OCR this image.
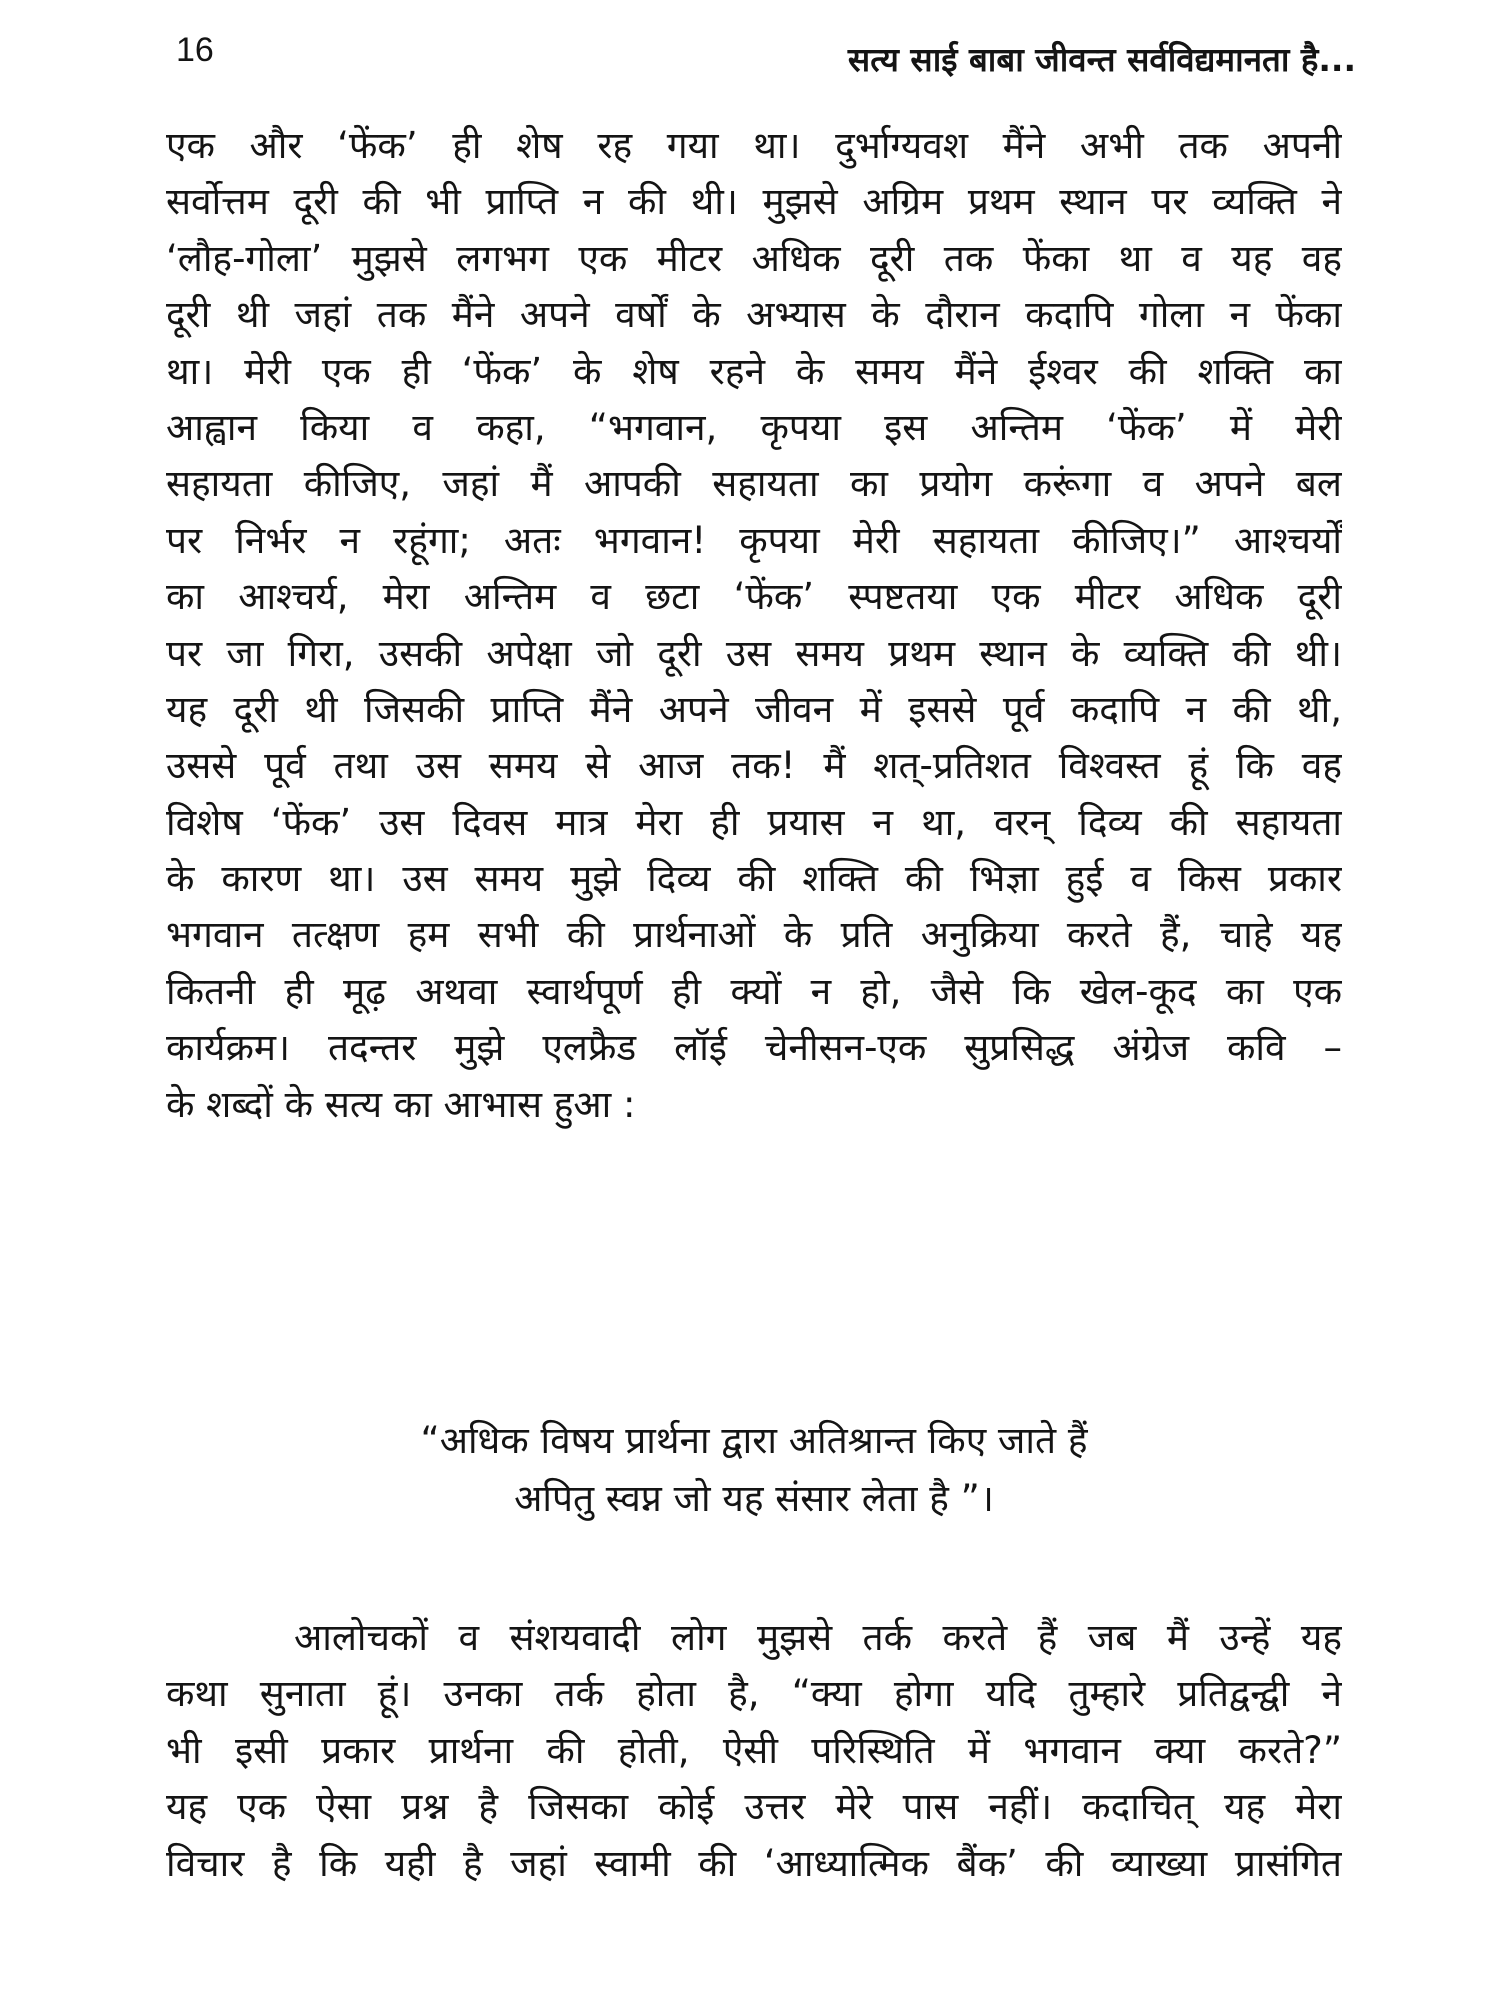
16	सत्य साई बाबा जीवन्त सर्वविद्यमानता है...
एक और ‘फेंक’ ही शेष रह गया था। दुर्भाग्यवश मैंने अभी तक अपनी
सर्वोत्तम दूरी की भी प्राप्ति न की थी। मुझसे अग्रिम प्रथम स्थान पर व्यक्ति ने
‘लौह-गोला’ मुझसे लगभग एक मीटर अधिक दूरी तक फेंका था व यह वह
दूरी थी जहां तक मैंने अपने वर्षों के अभ्यास के दौरान कदापि गोला न फेंका
था। मेरी एक ही ‘फेंक’ के शेष रहने के समय मैंने ईश्वर की शक्ति का
आह्वान किया व कहा, “भगवान, कृपया इस अन्तिम ‘फेंक’ में मेरी
सहायता कीजिए, जहां मैं आपकी सहायता का प्रयोग करूंगा व अपने बल
पर निर्भर न रहूंगा; अतः भगवान! कृपया मेरी सहायता कीजिए।” आश्चर्यों
का आश्चर्य, मेरा अन्तिम व छटा ‘फेंक’ स्पष्टतया एक मीटर अधिक दूरी
पर जा गिरा, उसकी अपेक्षा जो दूरी उस समय प्रथम स्थान के व्यक्ति की थी।
यह दूरी थी जिसकी प्राप्ति मैंने अपने जीवन में इससे पूर्व कदापि न की थी,
उससे पूर्व तथा उस समय से आज तक! मैं शत्-प्रतिशत विश्वस्त हूं कि वह
विशेष ‘फेंक’ उस दिवस मात्र मेरा ही प्रयास न था, वरन् दिव्य की सहायता
के कारण था। उस समय मुझे दिव्य की शक्ति की भिज्ञा हुई व किस प्रकार
भगवान तत्क्षण हम सभी की प्रार्थनाओं के प्रति अनुक्रिया करते हैं, चाहे यह
कितनी ही मूढ़ अथवा स्वार्थपूर्ण ही क्यों न हो, जैसे कि खेल-कूद का एक
कार्यक्रम। तदन्तर मुझे एलफ्रैड लॉई चेनीसन-एक सुप्रसिद्ध अंग्रेज कवि –
के शब्दों के सत्य का आभास हुआ :
“अधिक विषय प्रार्थना द्वारा अतिश्रान्त किए जाते हैं
अपितु स्वप्न जो यह संसार लेता है ”।
आलोचकों व संशयवादी लोग मुझसे तर्क करते हैं जब मैं उन्हें यह
कथा सुनाता हूं। उनका तर्क होता है, “क्या होगा यदि तुम्हारे प्रतिद्वन्द्वी ने
भी इसी प्रकार प्रार्थना की होती, ऐसी परिस्थिति में भगवान क्या करते?”
यह एक ऐसा प्रश्न है जिसका कोई उत्तर मेरे पास नहीं। कदाचित् यह मेरा
विचार है कि यही है जहां स्वामी की ‘आध्यात्मिक बैंक’ की व्याख्या प्रासंगित
